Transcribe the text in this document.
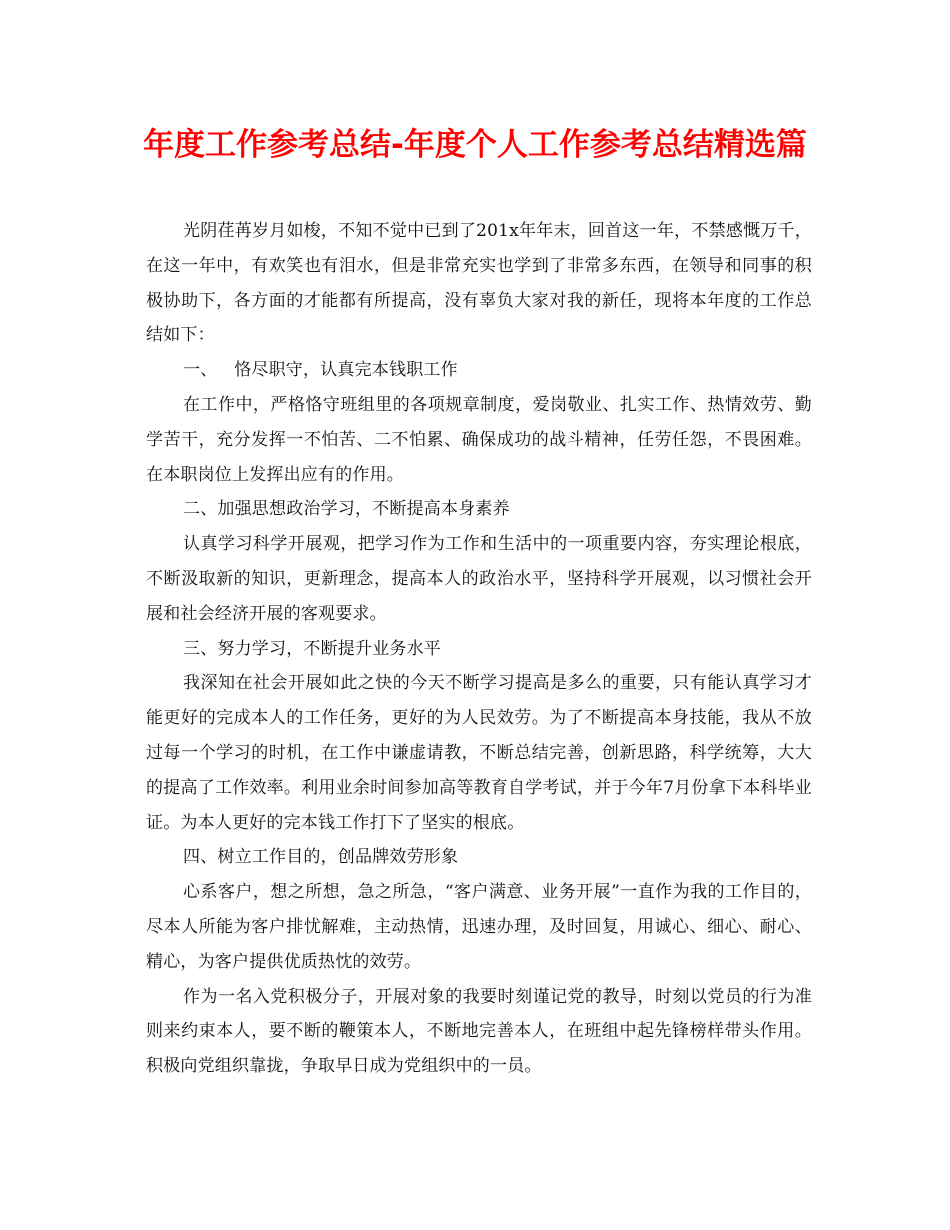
年度工作参考总结-年度个人工作参考总结精选篇

光阴荏苒岁月如梭，不知不觉中已到了201x年年末，回首这一年，不禁感慨万千，在这一年中，有欢笑也有泪水，但是非常充实也学到了非常多东西，在领导和同事的积极协助下，各方面的才能都有所提高，没有辜负大家对我的新任，现将本年度的工作总结如下：

一、   恪尽职守，认真完本钱职工作

在工作中，严格恪守班组里的各项规章制度，爱岗敬业、扎实工作、热情效劳、勤学苦干，充分发挥一不怕苦、二不怕累、确保成功的战斗精神，任劳任怨，不畏困难。在本职岗位上发挥出应有的作用。

二、加强思想政治学习，不断提高本身素养

认真学习科学开展观，把学习作为工作和生活中的一项重要内容，夯实理论根底，不断汲取新的知识，更新理念，提高本人的政治水平，坚持科学开展观，以习惯社会开展和社会经济开展的客观要求。

三、努力学习，不断提升业务水平

我深知在社会开展如此之快的今天不断学习提高是多么的重要，只有能认真学习才能更好的完成本人的工作任务，更好的为人民效劳。为了不断提高本身技能，我从不放过每一个学习的时机，在工作中谦虚请教，不断总结完善，创新思路，科学统筹，大大的提高了工作效率。利用业余时间参加高等教育自学考试，并于今年7月份拿下本科毕业证。为本人更好的完本钱工作打下了坚实的根底。

四、树立工作目的，创品牌效劳形象

心系客户，想之所想，急之所急，“客户满意、业务开展”一直作为我的工作目的，尽本人所能为客户排忧解难，主动热情，迅速办理，及时回复，用诚心、细心、耐心、精心，为客户提供优质热忱的效劳。

作为一名入党积极分子，开展对象的我要时刻谨记党的教导，时刻以党员的行为准则来约束本人，要不断的鞭策本人，不断地完善本人，在班组中起先锋榜样带头作用。积极向党组织靠拢，争取早日成为党组织中的一员。
